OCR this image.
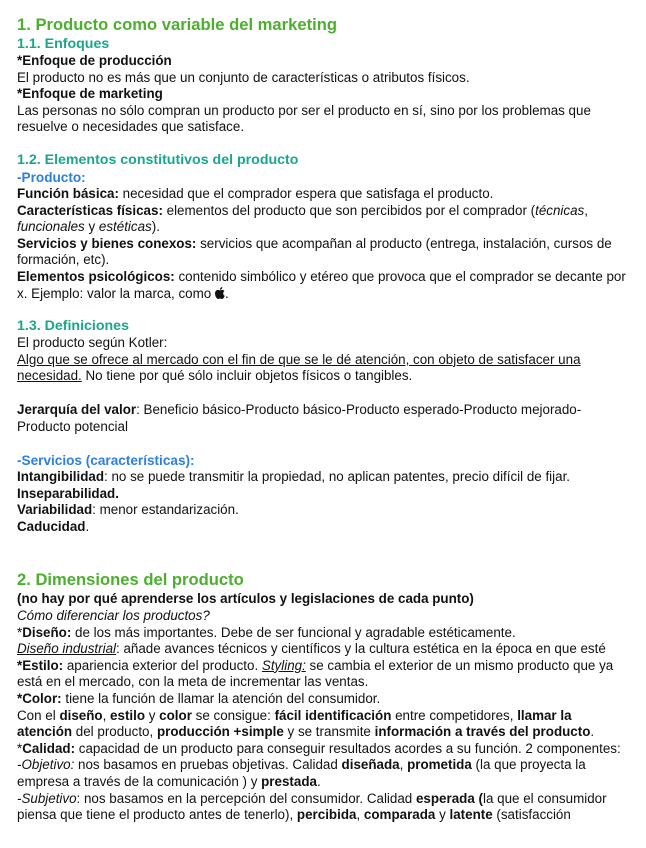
1. Producto como variable del marketing

1.1. Enfoques

*Enfoque de producción

El producto no es más que un conjunto de características o atributos físicos.

*Enfoque de marketing

Las personas no sólo compran un producto por ser el producto en sí, sino por los problemas que resuelve o necesidades que satisface.

1.2. Elementos constitutivos del producto

-Producto:

Función básica: necesidad que el comprador espera que satisfaga el producto.

Características físicas: elementos del producto que son percibidos por el comprador (técnicas, funcionales y estéticas).

Servicios y bienes conexos: servicios que acompañan al producto (entrega, instalación, cursos de formación, etc).

Elementos psicológicos: contenido simbólico y etéreo que provoca que el comprador se decante por x. Ejemplo: valor la marca, como .

1.3. Definiciones

El producto según Kotler:

Algo que se ofrece al mercado con el fin de que se le dé atención, con objeto de satisfacer una necesidad. No tiene por qué sólo incluir objetos físicos o tangibles.

Jerarquía del valor: Beneficio básico-Producto básico-Producto esperado-Producto mejorado-Producto potencial

-Servicios (características):

Intangibilidad: no se puede transmitir la propiedad, no aplican patentes, precio difícil de fijar.

Inseparabilidad.

Variabilidad: menor estandarización.

Caducidad.

2. Dimensiones del producto

(no hay por qué aprenderse los artículos y legislaciones de cada punto)

Cómo diferenciar los productos?

*Diseño: de los más importantes. Debe de ser funcional y agradable estéticamente.

Diseño industrial: añade avances técnicos y científicos y la cultura estética en la época en que esté

*Estilo: apariencia exterior del producto. Styling: se cambia el exterior de un mismo producto que ya está en el mercado, con la meta de incrementar las ventas.

*Color: tiene la función de llamar la atención del consumidor.

Con el diseño, estilo y color se consigue: fácil identificación entre competidores, llamar la atención del producto, producción +simple y se transmite información a través del producto.

*Calidad: capacidad de un producto para conseguir resultados acordes a su función. 2 componentes:

-Objetivo: nos basamos en pruebas objetivas. Calidad diseñada, prometida (la que proyecta la empresa a través de la comunicación ) y prestada.

-Subjetivo: nos basamos en la percepción del consumidor. Calidad esperada (la que el consumidor piensa que tiene el producto antes de tenerlo), percibida, comparada y latente (satisfacción
